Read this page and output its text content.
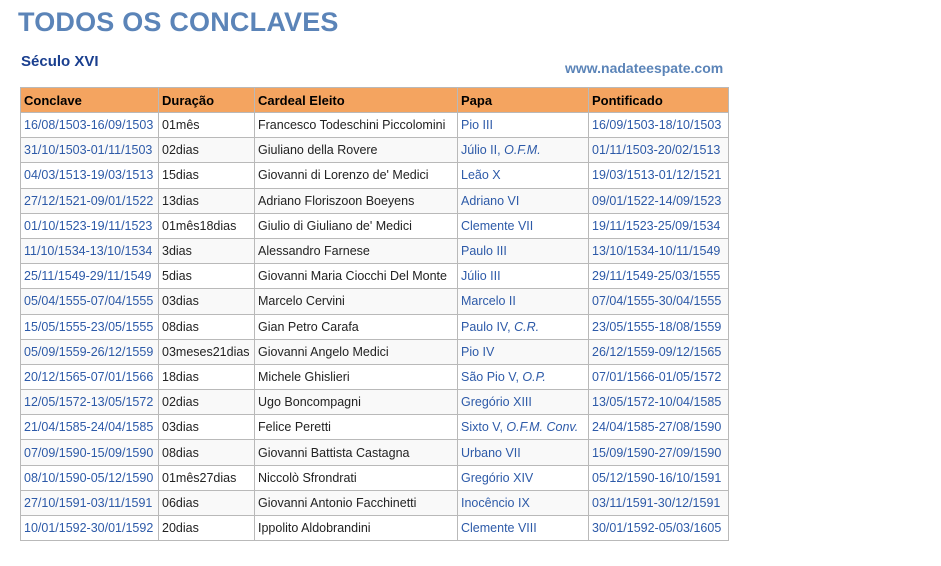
TODOS OS CONCLAVES
Século XVI	www.nadateespate.com
Conclave	Duração	Cardeal Eleito	Papa	Pontificado
16/08/1503-16/09/1503	01mês	Francesco Todeschini Piccolomini	Pio III	16/09/1503-18/10/1503
31/10/1503-01/11/1503	02dias	Giuliano della Rovere	Júlio II, O.F.M.	01/11/1503-20/02/1513
04/03/1513-19/03/1513	15dias	Giovanni di Lorenzo de' Medici	Leão X	19/03/1513-01/12/1521
27/12/1521-09/01/1522	13dias	Adriano Floriszoon Boeyens	Adriano VI	09/01/1522-14/09/1523
01/10/1523-19/11/1523	01mês18dias	Giulio di Giuliano de' Medici	Clemente VII	19/11/1523-25/09/1534
11/10/1534-13/10/1534	3dias	Alessandro Farnese	Paulo III	13/10/1534-10/11/1549
25/11/1549-29/11/1549	5dias	Giovanni Maria Ciocchi Del Monte	Júlio III	29/11/1549-25/03/1555
05/04/1555-07/04/1555	03dias	Marcelo Cervini	Marcelo II	07/04/1555-30/04/1555
15/05/1555-23/05/1555	08dias	Gian Petro Carafa	Paulo IV, C.R.	23/05/1555-18/08/1559
05/09/1559-26/12/1559	03meses21dias	Giovanni Angelo Medici	Pio IV	26/12/1559-09/12/1565
20/12/1565-07/01/1566	18dias	Michele Ghislieri	São Pio V, O.P.	07/01/1566-01/05/1572
12/05/1572-13/05/1572	02dias	Ugo Boncompagni	Gregório XIII	13/05/1572-10/04/1585
21/04/1585-24/04/1585	03dias	Felice Peretti	Sixto V, O.F.M. Conv.	24/04/1585-27/08/1590
07/09/1590-15/09/1590	08dias	Giovanni Battista Castagna	Urbano VII	15/09/1590-27/09/1590
08/10/1590-05/12/1590	01mês27dias	Niccolò Sfrondrati	Gregório XIV	05/12/1590-16/10/1591
27/10/1591-03/11/1591	06dias	Giovanni Antonio Facchinetti	Inocêncio IX	03/11/1591-30/12/1591
10/01/1592-30/01/1592	20dias	Ippolito Aldobrandini	Clemente VIII	30/01/1592-05/03/1605
